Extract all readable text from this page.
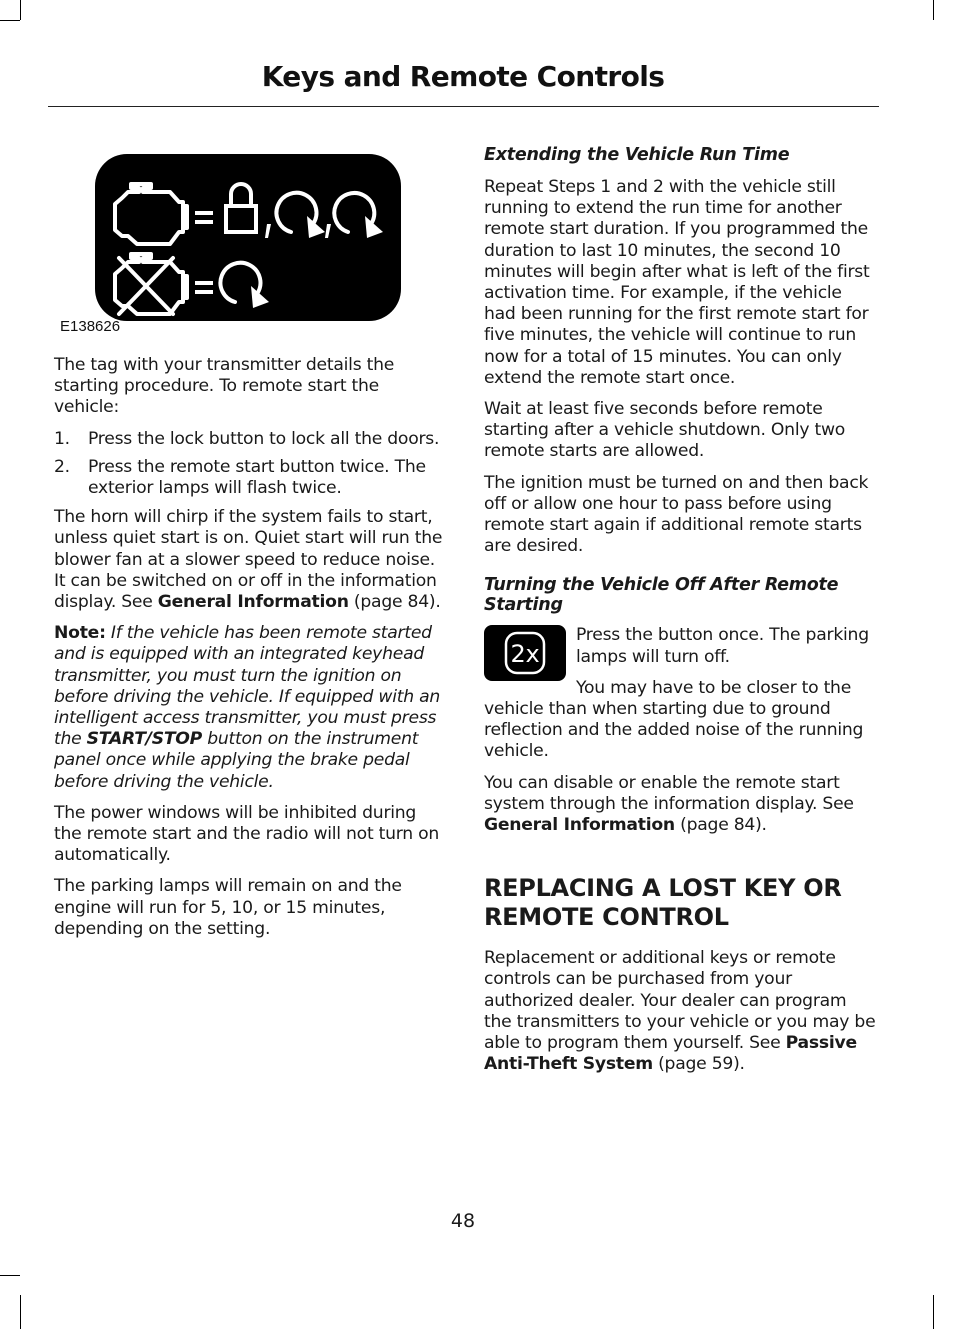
Keys and Remote Controls
E138626

The tag with your transmitter details the starting procedure. To remote start the vehicle:

1. Press the lock button to lock all the doors.
2. Press the remote start button twice. The exterior lamps will flash twice.

The horn will chirp if the system fails to start, unless quiet start is on. Quiet start will run the blower fan at a slower speed to reduce noise. It can be switched on or off in the information display. See General Information (page 84).

Note: If the vehicle has been remote started and is equipped with an integrated keyhead transmitter, you must turn the ignition on before driving the vehicle. If equipped with an intelligent access transmitter, you must press the START/STOP button on the instrument panel once while applying the brake pedal before driving the vehicle.

The power windows will be inhibited during the remote start and the radio will not turn on automatically.

The parking lamps will remain on and the engine will run for 5, 10, or 15 minutes, depending on the setting.

Extending the Vehicle Run Time

Repeat Steps 1 and 2 with the vehicle still running to extend the run time for another remote start duration. If you programmed the duration to last 10 minutes, the second 10 minutes will begin after what is left of the first activation time. For example, if the vehicle had been running for the first remote start for five minutes, the vehicle will continue to run now for a total of 15 minutes. You can only extend the remote start once.

Wait at least five seconds before remote starting after a vehicle shutdown. Only two remote starts are allowed.

The ignition must be turned on and then back off or allow one hour to pass before using remote start again if additional remote starts are desired.

Turning the Vehicle Off After Remote Starting
2x

Press the button once. The parking lamps will turn off.

You may have to be closer to the vehicle than when starting due to ground reflection and the added noise of the running vehicle.

You can disable or enable the remote start system through the information display. See General Information (page 84).

REPLACING A LOST KEY OR REMOTE CONTROL

Replacement or additional keys or remote controls can be purchased from your authorized dealer. Your dealer can program the transmitters to your vehicle or you may be able to program them yourself. See Passive Anti-Theft System (page 59).

48
